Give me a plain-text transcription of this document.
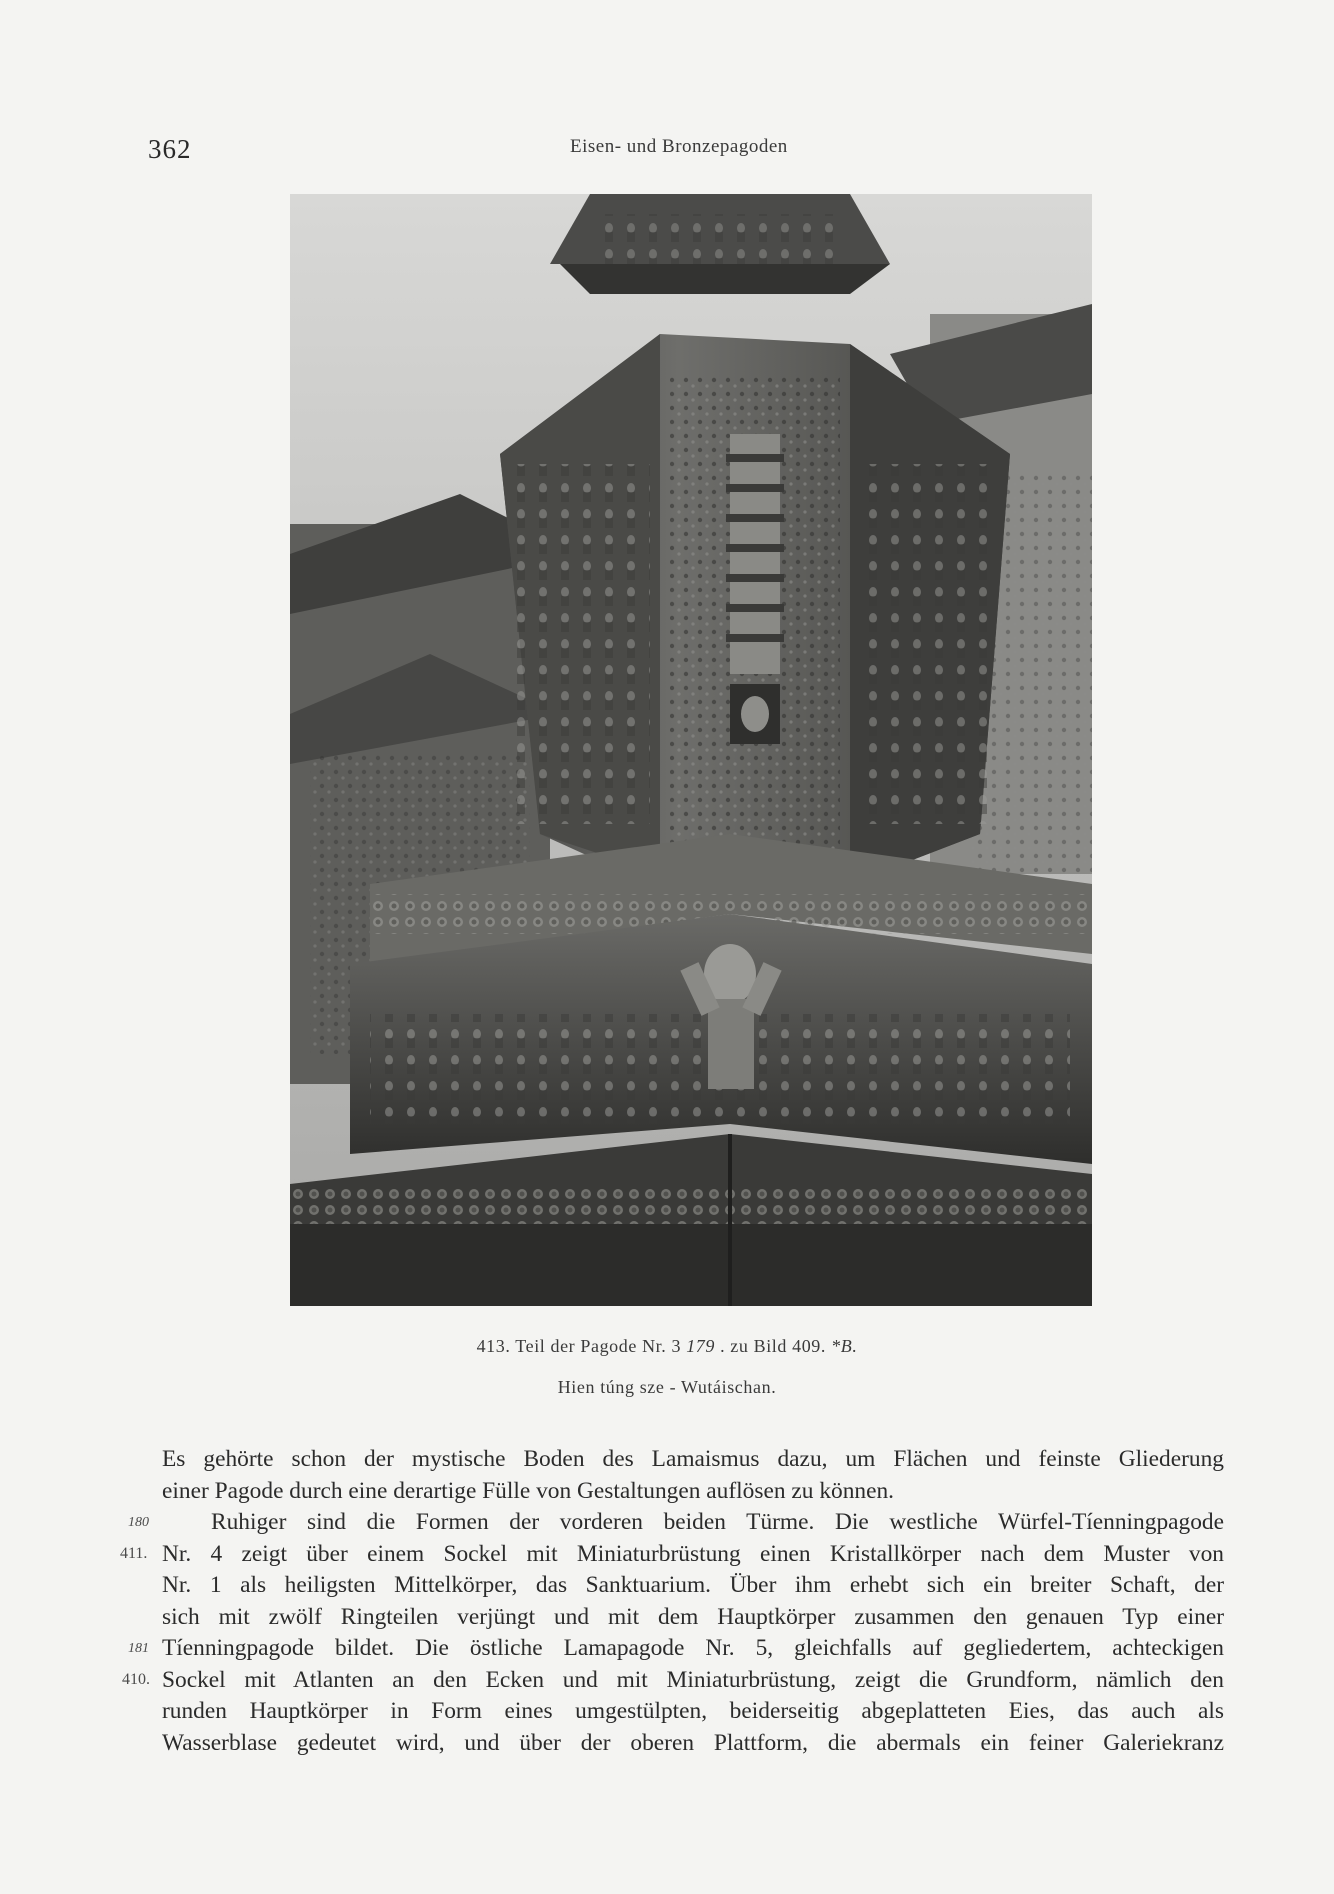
362	Eisen- und Bronzepagoden
413. Teil der Pagode Nr. 3 179 . zu Bild 409. *B.
Hien túng sze - Wutáischan.
Es gehörte schon der mystische Boden des Lamaismus dazu, um Flächen und feinste Gliederung
einer Pagode durch eine derartige Fülle von Gestaltungen auflösen zu können.
Ruhiger sind die Formen der vorderen beiden Türme. Die westliche Würfel-Tíenningpagode
Nr. 4 zeigt über einem Sockel mit Miniaturbrüstung einen Kristallkörper nach dem Muster von
Nr. 1 als heiligsten Mittelkörper, das Sanktuarium. Über ihm erhebt sich ein breiter Schaft, der
sich mit zwölf Ringteilen verjüngt und mit dem Hauptkörper zusammen den genauen Typ einer
Tíenningpagode bildet. Die östliche Lamapagode Nr. 5, gleichfalls auf gegliedertem, achteckigen
Sockel mit Atlanten an den Ecken und mit Miniaturbrüstung, zeigt die Grundform, nämlich den
runden Hauptkörper in Form eines umgestülpten, beiderseitig abgeplatteten Eies, das auch als
Wasserblase gedeutet wird, und über der oberen Plattform, die abermals ein feiner Galeriekranz
180
411.
181
410.
